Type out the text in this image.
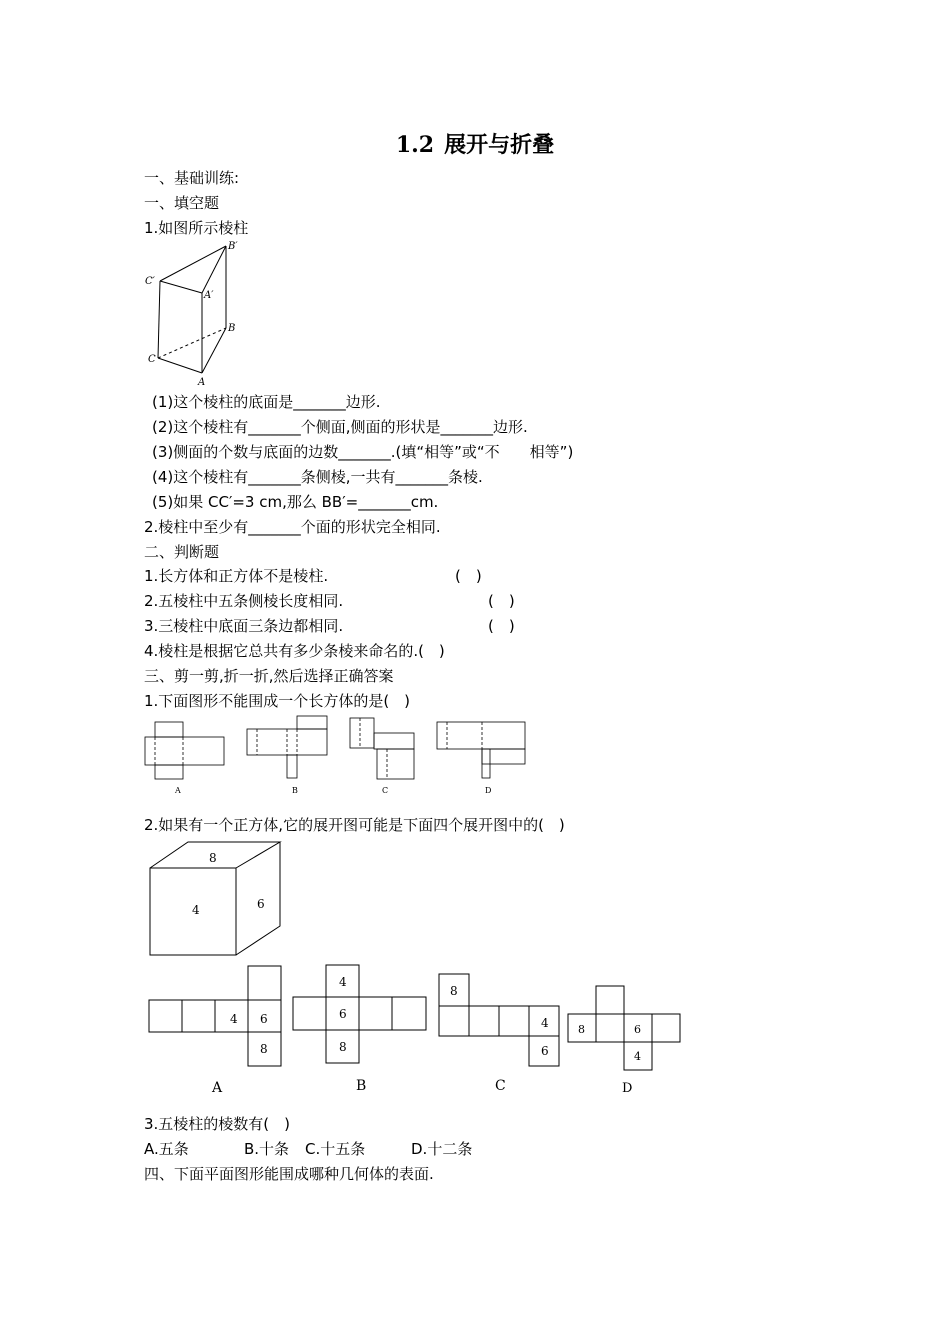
1.2 展开与折叠
一、基础训练:
一、填空题
1.如图所示棱柱
B′
C′
A′
B
C
A
(1)这个棱柱的底面是_______边形.
(2)这个棱柱有_______个侧面,侧面的形状是_______边形.
(3)侧面的个数与底面的边数_______.(填“相等”或“不　　相等”)
(4)这个棱柱有_______条侧棱,一共有_______条棱.
(5)如果 CC′=3 cm,那么 BB′=_______cm.
2.棱柱中至少有_______个面的形状完全相同.
二、判断题
1.长方体和正方体不是棱柱.	(　)
2.五棱柱中五条侧棱长度相同.	(　)
3.三棱柱中底面三条边都相同.	(　)
4.棱柱是根据它总共有多少条棱来命名的.(　)
三、剪一剪,折一折,然后选择正确答案
1.下面图形不能围成一个长方体的是(　)
A	B	C	D
2.如果有一个正方体,它的展开图可能是下面四个展开图中的(　)
8
4	6
4 6
8
A
4
6
8
B
8
4
6
C
8	6
4
D
3.五棱柱的棱数有(　)
A.五条	B.十条 C.十五条	D.十二条
四、下面平面图形能围成哪种几何体的表面.
